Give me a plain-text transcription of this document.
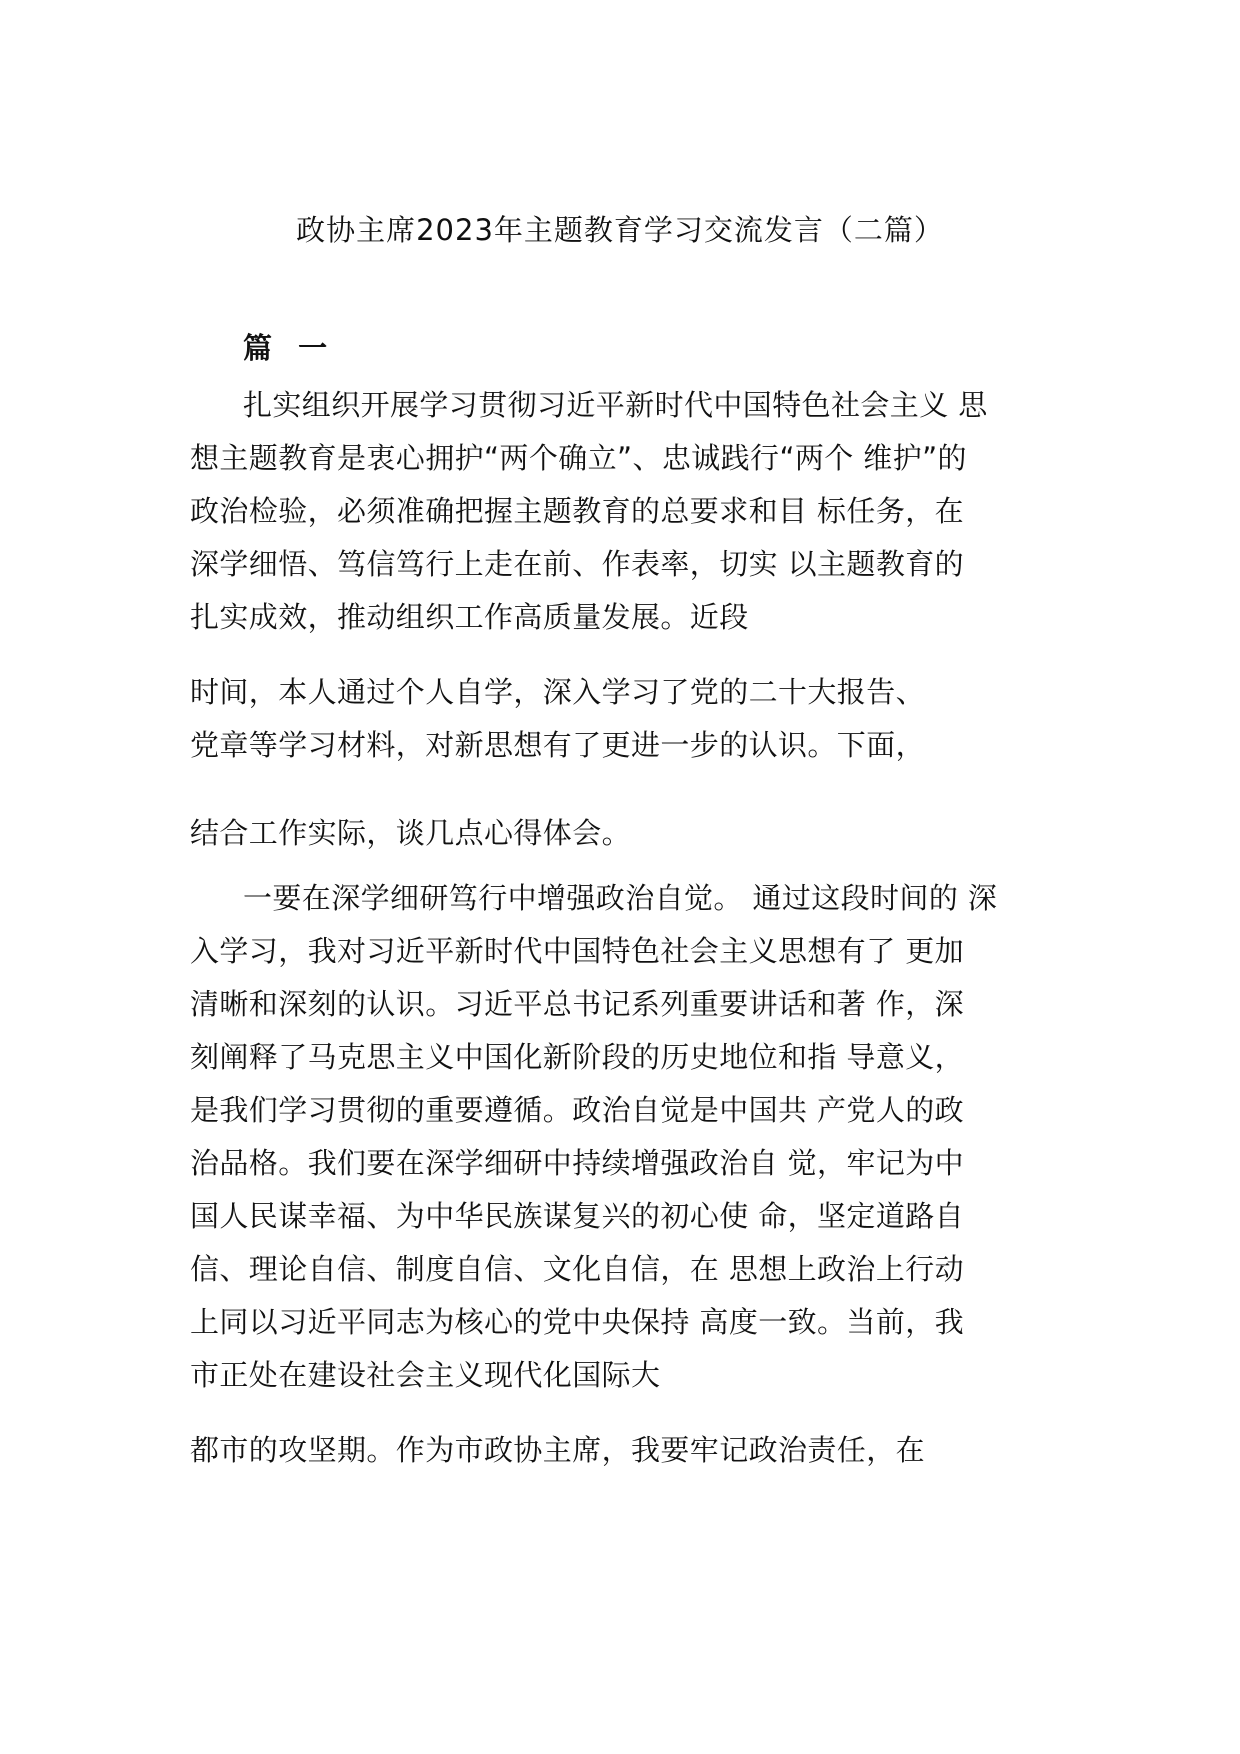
政协主席2023年主题教育学习交流发言（二篇）
篇 一
扎实组织开展学习贯彻习近平新时代中国特色社会主义 思
想主题教育是衷心拥护“两个确立”、忠诚践行“两个 维护”的
政治检验，必须准确把握主题教育的总要求和目 标任务，在
深学细悟、笃信笃行上走在前、作表率，切实 以主题教育的
扎实成效，推动组织工作高质量发展。近段
时间，本人通过个人自学，深入学习了党的二十大报告、
党章等学习材料，对新思想有了更进一步的认识。下面，
结合工作实际，谈几点心得体会。
一要在深学细研笃行中增强政治自觉。 通过这段时间的 深
入学习，我对习近平新时代中国特色社会主义思想有了 更加
清晰和深刻的认识。习近平总书记系列重要讲话和著 作，深
刻阐释了马克思主义中国化新阶段的历史地位和指 导意义，
是我们学习贯彻的重要遵循。政治自觉是中国共 产党人的政
治品格。我们要在深学细研中持续增强政治自 觉，牢记为中
国人民谋幸福、为中华民族谋复兴的初心使 命，坚定道路自
信、理论自信、制度自信、文化自信，在 思想上政治上行动
上同以习近平同志为核心的党中央保持 高度一致。当前，我
市正处在建设社会主义现代化国际大
都市的攻坚期。作为市政协主席，我要牢记政治责任，在
